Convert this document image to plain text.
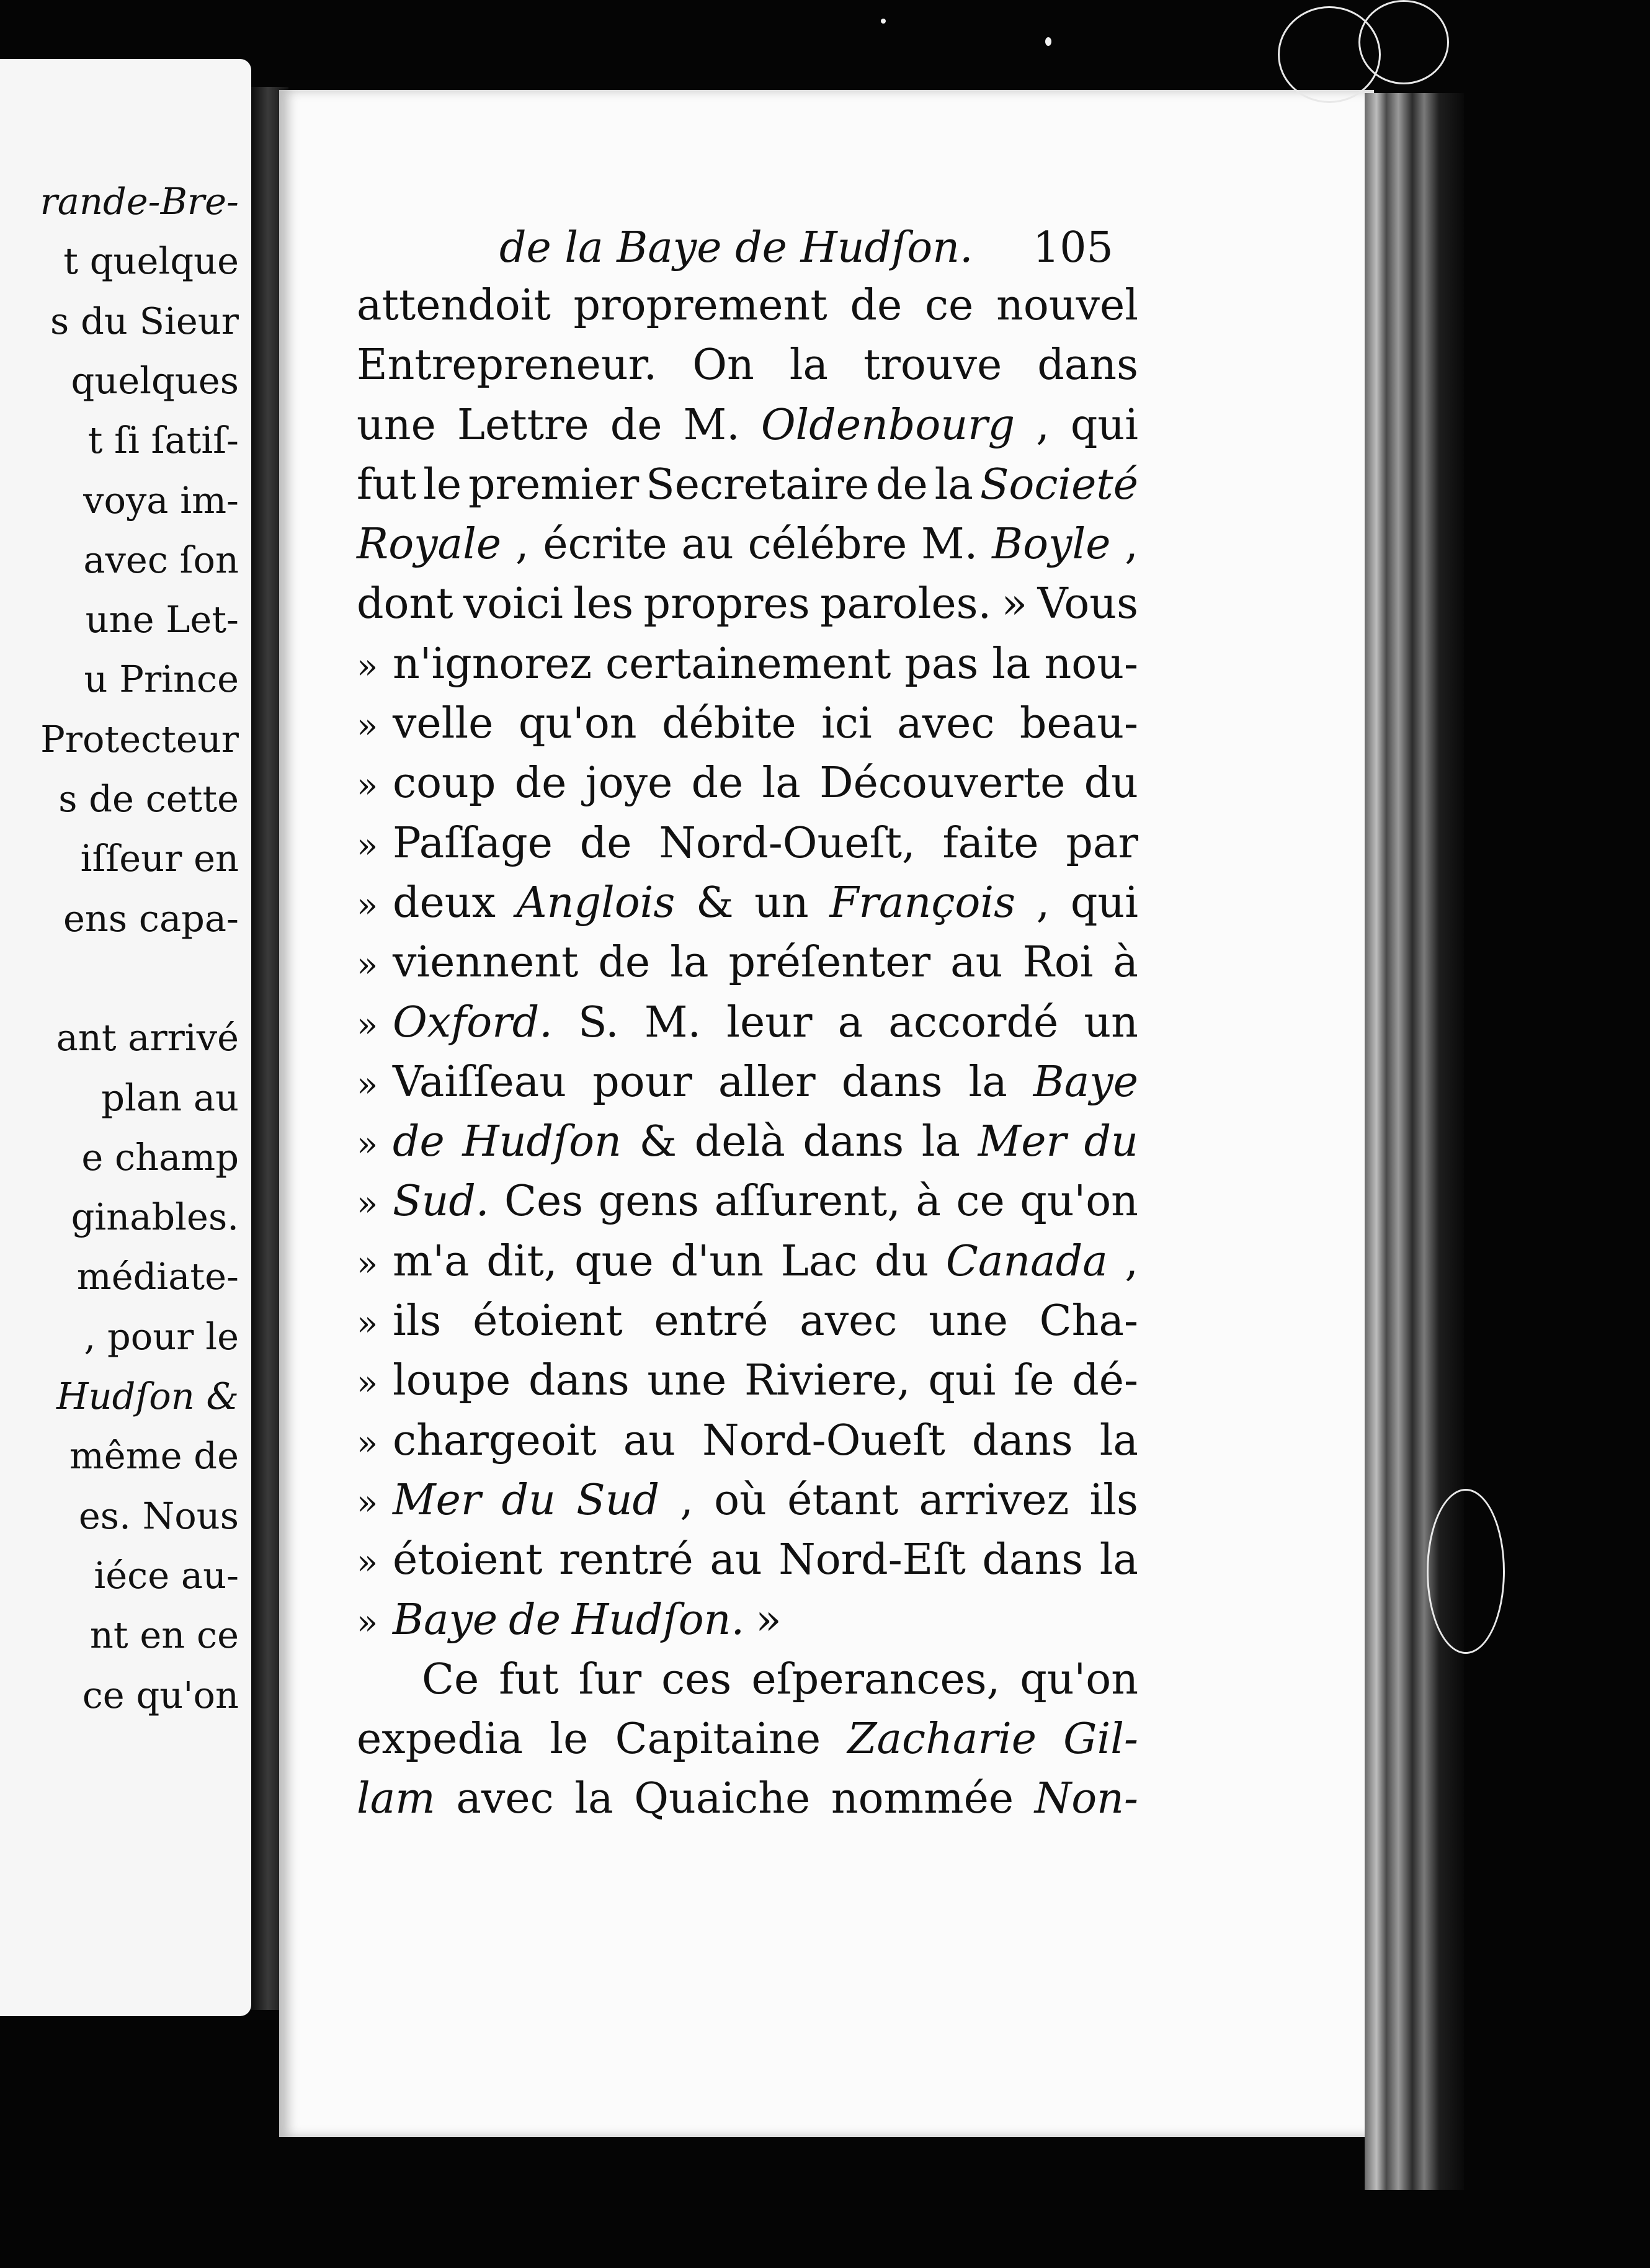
rande-Bre-
t quelque
s du Sieur
quelques
t ſi ſatiſ-
voya im-
avec ſon
une Let-
u Prince
Protecteur
s de cette
iſſeur en
ens capa-
ant arrivé
plan au
e champ
ginables.
médiate-
, pour le
Hudſon &
même de
es. Nous
iéce au-
nt en ce
ce qu'on
de la Baye de Hudſon. 105
attendoit proprement de ce nouvel
Entrepreneur. On la trouve dans
une Lettre de M. Oldenbourg , qui
fut le premier Secretaire de la Societé
Royale , écrite au célébre M. Boyle ,
dont voici les propres paroles. » Vous
» n'ignorez certainement pas la nou-
» velle qu'on débite ici avec beau-
» coup de joye de la Découverte du
» Paſſage de Nord-Oueſt, faite par
» deux Anglois & un François , qui
» viennent de la préſenter au Roi à
» Oxford. S. M. leur a accordé un
» Vaiſſeau pour aller dans la Baye
» de Hudſon & delà dans la Mer du
» Sud. Ces gens aſſurent, à ce qu'on
» m'a dit, que d'un Lac du Canada ,
» ils étoient entré avec une Cha-
» loupe dans une Riviere, qui ſe dé-
» chargeoit au Nord-Oueſt dans la
» Mer du Sud , où étant arrivez ils
» étoient rentré au Nord-Eſt dans la
» Baye de Hudſon. »
Ce fut ſur ces eſperances, qu'on
expedia le Capitaine Zacharie Gil-
lam avec la Quaiche nommée Non-
